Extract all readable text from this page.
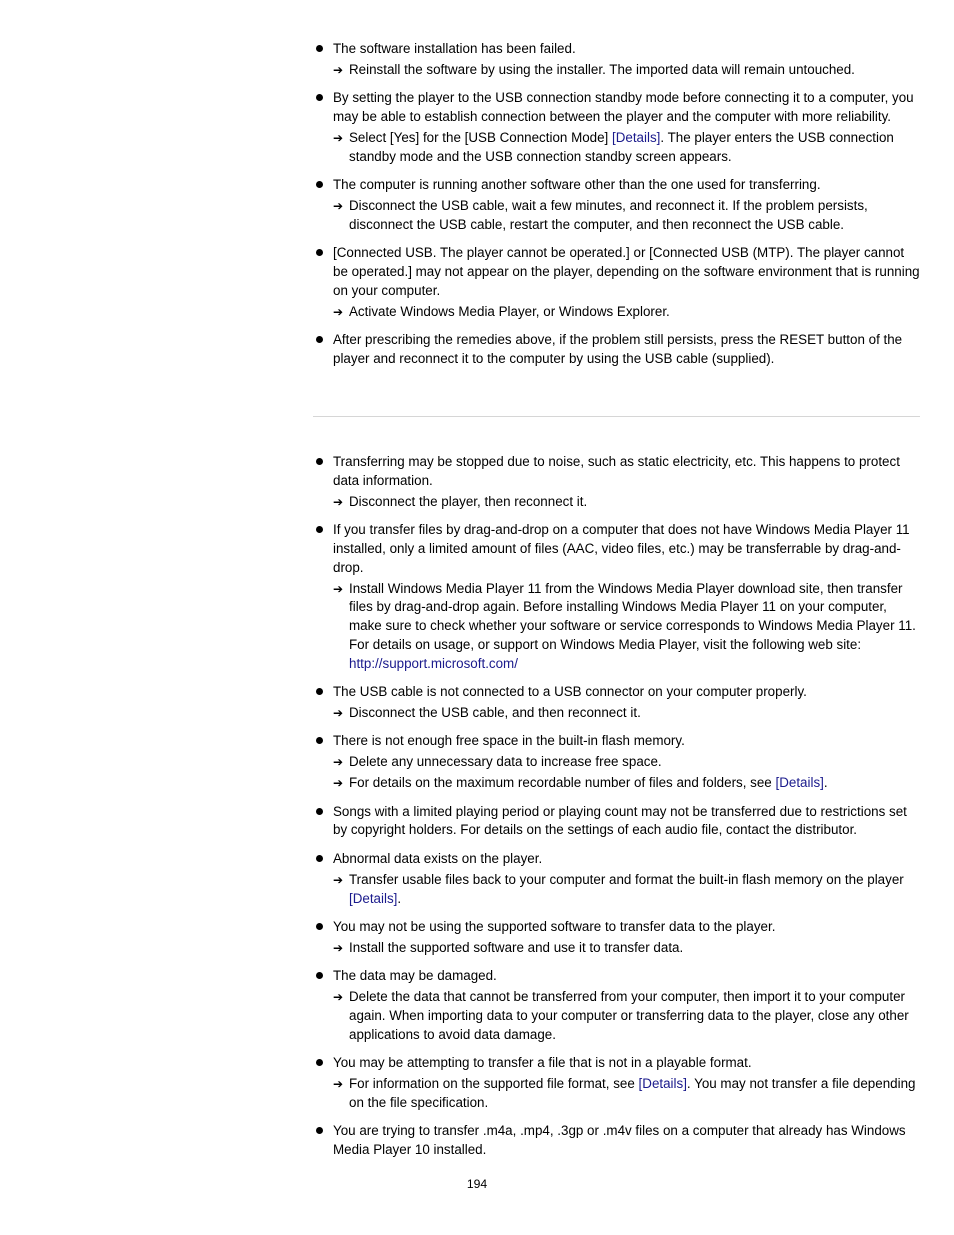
The software installation has been failed.
➔ Reinstall the software by using the installer. The imported data will remain untouched.
By setting the player to the USB connection standby mode before connecting it to a computer, you may be able to establish connection between the player and the computer with more reliability.
➔ Select [Yes] for the [USB Connection Mode] [Details]. The player enters the USB connection standby mode and the USB connection standby screen appears.
The computer is running another software other than the one used for transferring.
➔ Disconnect the USB cable, wait a few minutes, and reconnect it. If the problem persists, disconnect the USB cable, restart the computer, and then reconnect the USB cable.
[Connected USB. The player cannot be operated.] or [Connected USB (MTP). The player cannot be operated.] may not appear on the player, depending on the software environment that is running on your computer.
➔ Activate Windows Media Player, or Windows Explorer.
After prescribing the remedies above, if the problem still persists, press the RESET button of the player and reconnect it to the computer by using the USB cable (supplied).
Transferring may be stopped due to noise, such as static electricity, etc. This happens to protect data information.
➔ Disconnect the player, then reconnect it.
If you transfer files by drag-and-drop on a computer that does not have Windows Media Player 11 installed, only a limited amount of files (AAC, video files, etc.) may be transferrable by drag-and-drop.
➔ Install Windows Media Player 11 from the Windows Media Player download site, then transfer files by drag-and-drop again. Before installing Windows Media Player 11 on your computer, make sure to check whether your software or service corresponds to Windows Media Player 11. For details on usage, or support on Windows Media Player, visit the following web site:
http://support.microsoft.com/
The USB cable is not connected to a USB connector on your computer properly.
➔ Disconnect the USB cable, and then reconnect it.
There is not enough free space in the built-in flash memory.
➔ Delete any unnecessary data to increase free space.
➔ For details on the maximum recordable number of files and folders, see [Details].
Songs with a limited playing period or playing count may not be transferred due to restrictions set by copyright holders. For details on the settings of each audio file, contact the distributor.
Abnormal data exists on the player.
➔ Transfer usable files back to your computer and format the built-in flash memory on the player [Details].
You may not be using the supported software to transfer data to the player.
➔ Install the supported software and use it to transfer data.
The data may be damaged.
➔ Delete the data that cannot be transferred from your computer, then import it to your computer again. When importing data to your computer or transferring data to the player, close any other applications to avoid data damage.
You may be attempting to transfer a file that is not in a playable format.
➔ For information on the supported file format, see [Details]. You may not transfer a file depending on the file specification.
You are trying to transfer .m4a, .mp4, .3gp or .m4v files on a computer that already has Windows Media Player 10 installed.
194
